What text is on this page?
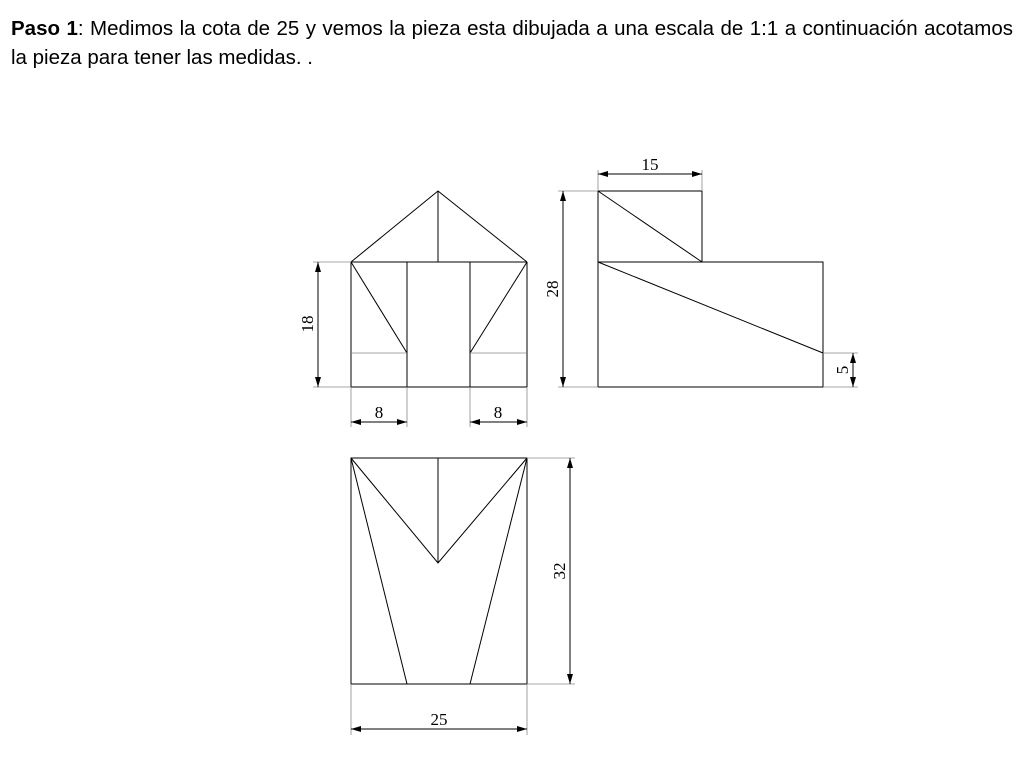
Paso 1: Medimos la cota de 25 y vemos la pieza esta dibujada a una escala de 1:1 a continuación acotamos la pieza para tener las medidas. .

18
8	8
15
28
5
32
25
